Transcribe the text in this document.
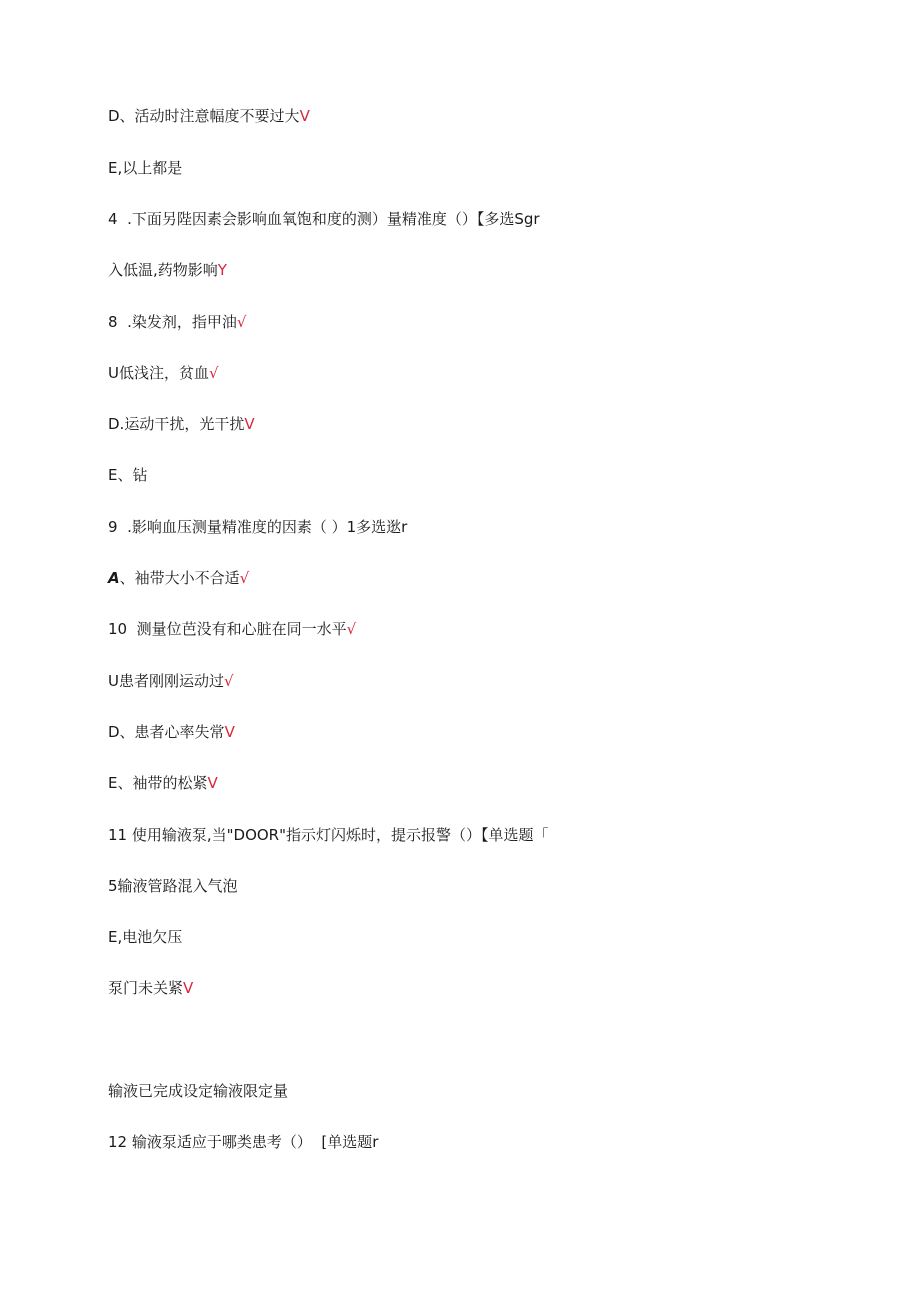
D、活动时注意幅度不要过大V
E,以上都是
4  .下面另陛因素会影响血氧饱和度的测）量精准度（）【多选Sgr
入低温,药物影响Y
8  .染发剂，指甲油√
U低浅注，贫血√
D.运动干扰，光干扰V
E、钻
9  .影响血压测量精准度的因素（ ）1多选逖r
A、袖带大小不合适√
10  测量位芭没有和心脏在同一水平√
U患者刚刚运动过√
D、患者心率失常V
E、袖带的松紧V
11 使用输液泵,当"DOOR"指示灯闪烁时，提示报警（）【单选题「
5输液管路混入气泡
E,电池欠压
泵门未关紧V
输液已完成设定输液限定量
12 输液泵适应于哪类患考（）  [单选题r
